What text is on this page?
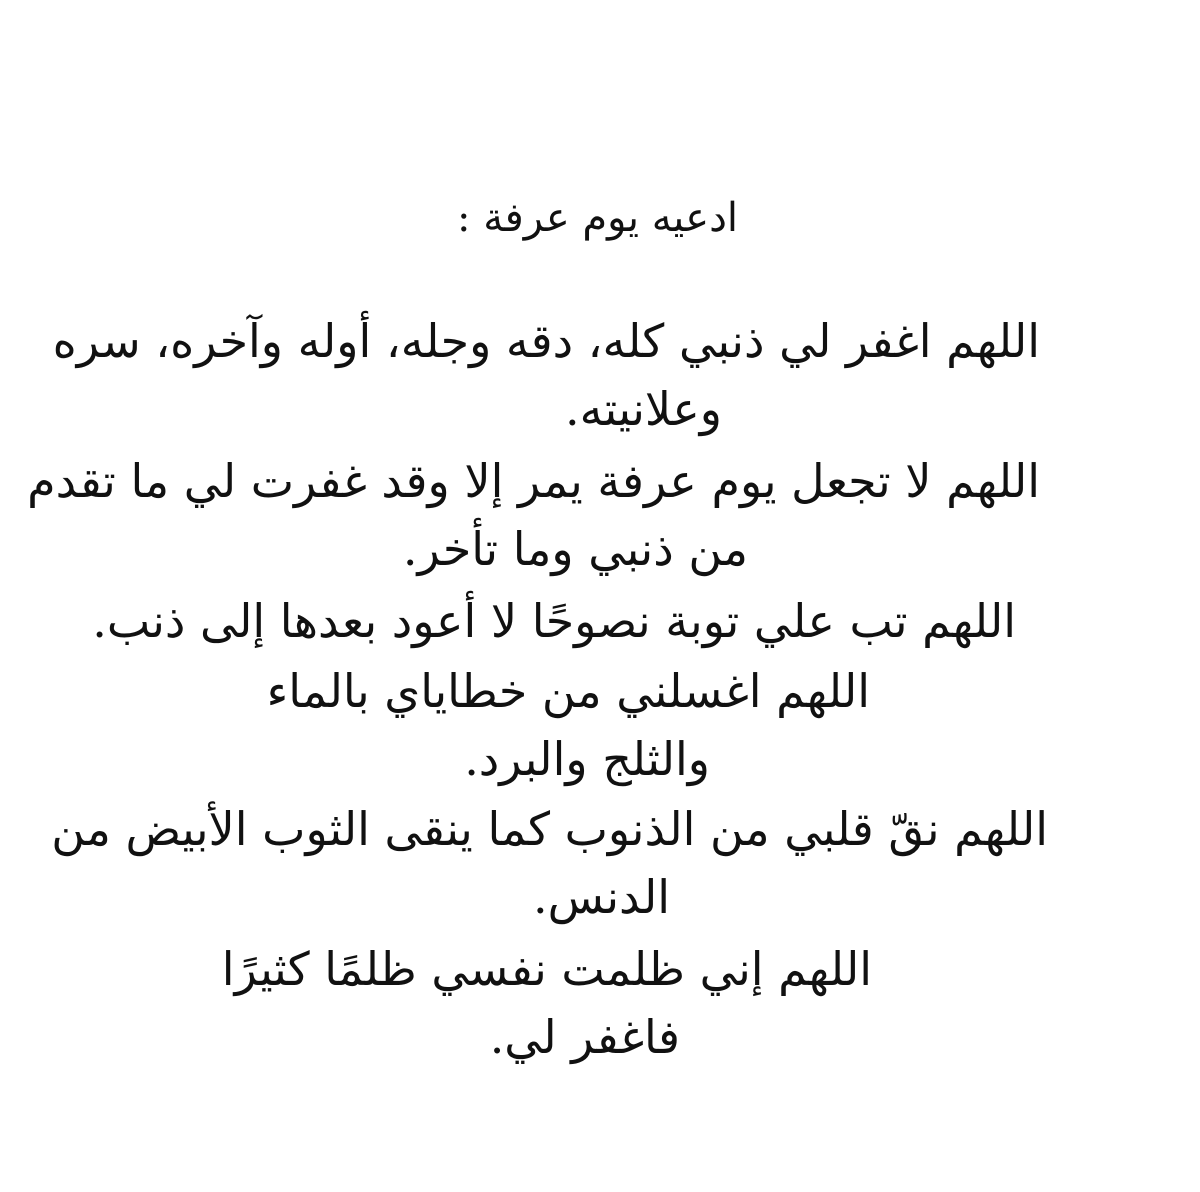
ادعيه يوم عرفة :
اللهم اغفر لي ذنبي كله، دقه وجله، أوله وآخره، سره
وعلانيته.
اللهم لا تجعل يوم عرفة يمر إلا وقد غفرت لي ما تقدم
من ذنبي وما تأخر.
اللهم تب علي توبة نصوحًا لا أعود بعدها إلى ذنب.
اللهم اغسلني من خطاياي بالماء
والثلج والبرد.
اللهم نقّ قلبي من الذنوب كما ينقى الثوب الأبيض من
الدنس.
اللهم إني ظلمت نفسي ظلمًا كثيرًا
فاغفر لي.
